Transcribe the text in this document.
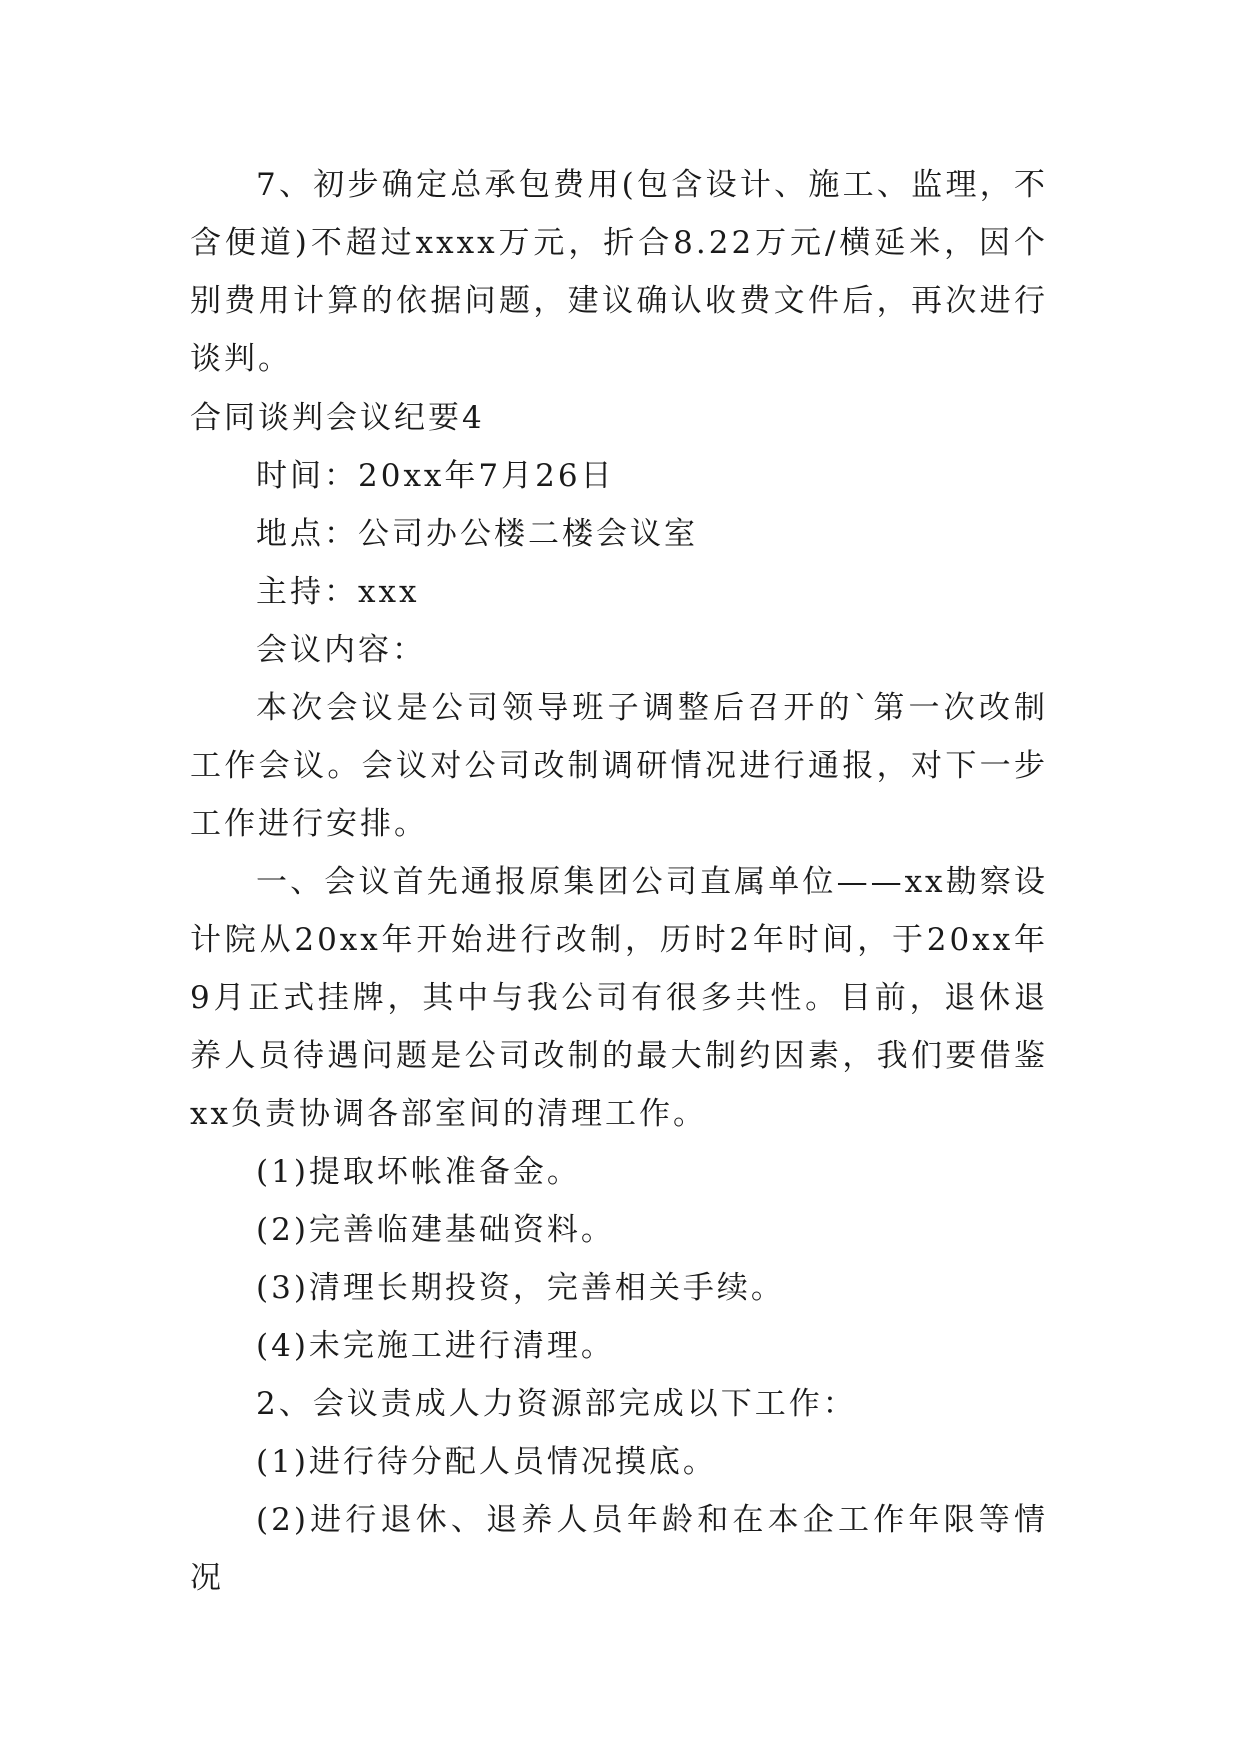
7、初步确定总承包费用(包含设计、施工、监理，不含便道)不超过xxxx万元，折合8.22万元/横延米，因个别费用计算的依据问题，建议确认收费文件后，再次进行谈判。

合同谈判会议纪要4

时间：20xx年7月26日

地点：公司办公楼二楼会议室

主持：xxx

会议内容：

本次会议是公司领导班子调整后召开的`第一次改制工作会议。会议对公司改制调研情况进行通报，对下一步工作进行安排。

一、会议首先通报原集团公司直属单位——xx勘察设计院从20xx年开始进行改制，历时2年时间，于20xx年9月正式挂牌，其中与我公司有很多共性。目前，退休退养人员待遇问题是公司改制的最大制约因素，我们要借鉴xx负责协调各部室间的清理工作。

(1)提取坏帐准备金。

(2)完善临建基础资料。

(3)清理长期投资，完善相关手续。

(4)未完施工进行清理。

2、会议责成人力资源部完成以下工作：

(1)进行待分配人员情况摸底。

(2)进行退休、退养人员年龄和在本企工作年限等情况
